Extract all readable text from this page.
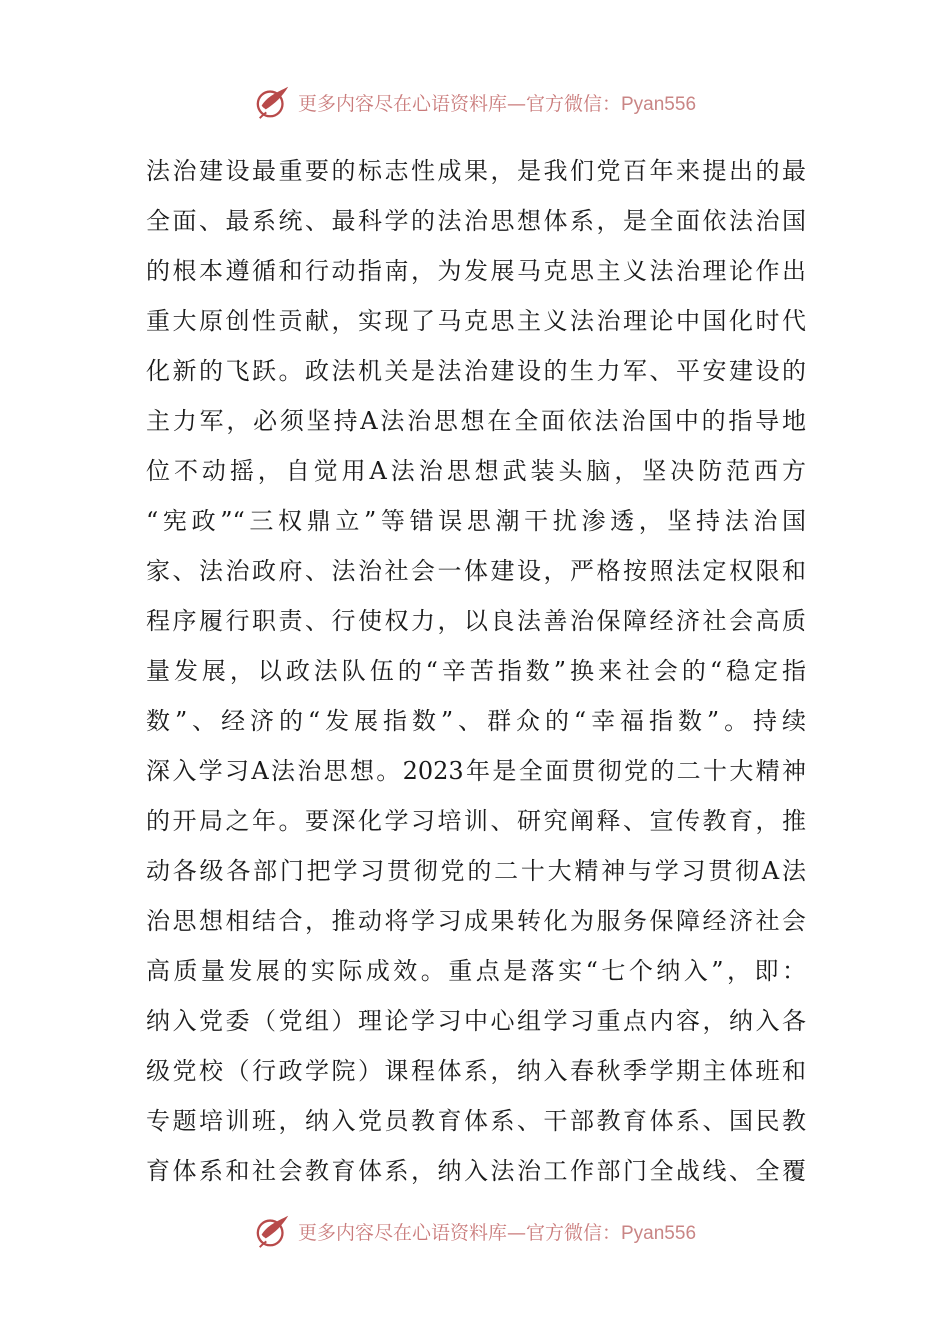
更多内容尽在心语资料库—官方微信：Pyan556
法治建设最重要的标志性成果，是我们党百年来提出的最
全面、最系统、最科学的法治思想体系，是全面依法治国
的根本遵循和行动指南，为发展马克思主义法治理论作出
重大原创性贡献，实现了马克思主义法治理论中国化时代
化新的飞跃。政法机关是法治建设的生力军、平安建设的
主力军，必须坚持A法治思想在全面依法治国中的指导地
位不动摇，自觉用A法治思想武装头脑，坚决防范西方
“宪政”“三权鼎立”等错误思潮干扰渗透，坚持法治国
家、法治政府、法治社会一体建设，严格按照法定权限和
程序履行职责、行使权力，以良法善治保障经济社会高质
量发展，以政法队伍的“辛苦指数”换来社会的“稳定指
数”、经济的“发展指数”、群众的“幸福指数”。持续
深入学习A法治思想。2023年是全面贯彻党的二十大精神
的开局之年。要深化学习培训、研究阐释、宣传教育，推
动各级各部门把学习贯彻党的二十大精神与学习贯彻A法
治思想相结合，推动将学习成果转化为服务保障经济社会
高质量发展的实际成效。重点是落实“七个纳入”，即：
纳入党委（党组）理论学习中心组学习重点内容，纳入各
级党校（行政学院）课程体系，纳入春秋季学期主体班和
专题培训班，纳入党员教育体系、干部教育体系、国民教
育体系和社会教育体系，纳入法治工作部门全战线、全覆
更多内容尽在心语资料库—官方微信：Pyan556
